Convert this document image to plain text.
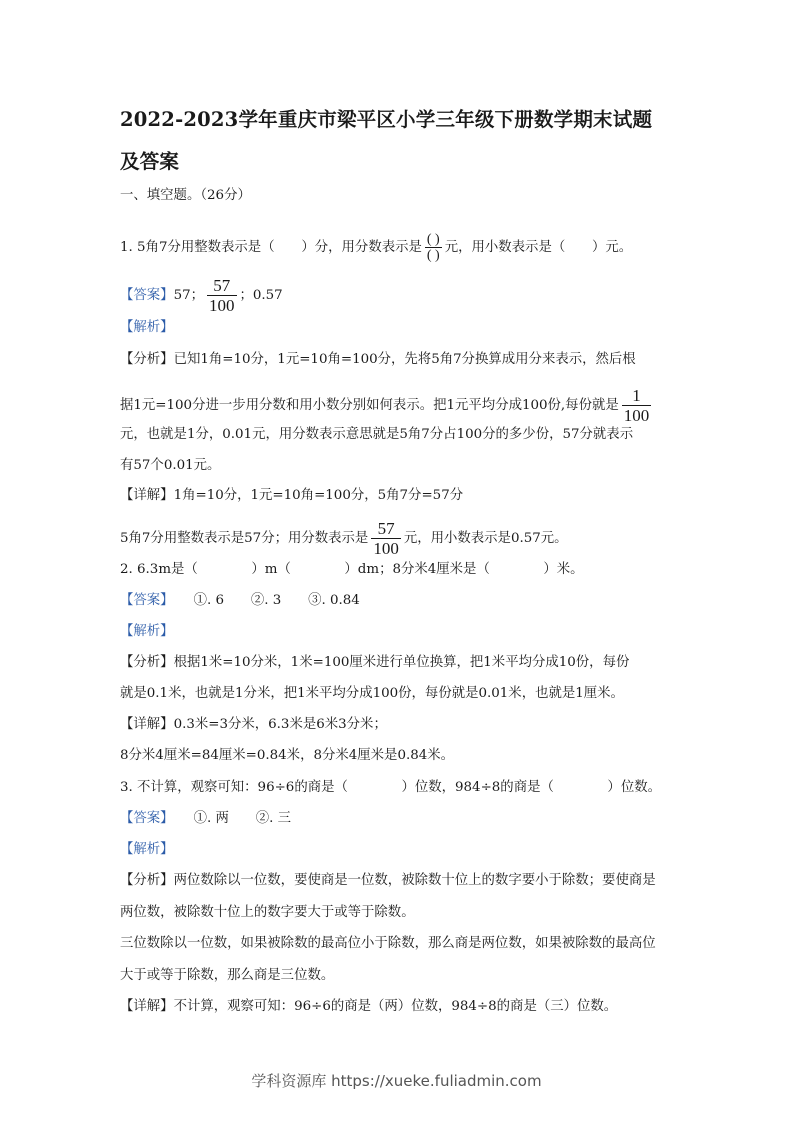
2022-2023学年重庆市梁平区小学三年级下册数学期末试题
及答案
一、填空题。（26分）
1. 5角7分用整数表示是（　　）分，用分数表示是 $\frac{( )}{( )}$ 元，用小数表示是（　　）元。
【答案】57； $\frac{57}{100}$ ；0.57
【解析】
【分析】已知1角=10分，1元=10角=100分，先将5角7分换算成用分来表示，然后根
据1元=100分进一步用分数和用小数分别如何表示。把1元平均分成100份,每份就是 $\frac{1}{100}$
元，也就是1分，0.01元，用分数表示意思就是5角7分占100分的多少份，57分就表示
有57个0.01元。
【详解】1角=10分，1元=10角=100分，5角7分=57分
5角7分用整数表示是57分；用分数表示是 $\frac{57}{100}$ 元，用小数表示是0.57元。
2. 6.3m是（　　　　）m（　　　　）dm；8分米4厘米是（　　　　）米。
【答案】　　①. 6　　②. 3　　③. 0.84
【解析】
【分析】根据1米=10分米，1米=100厘米进行单位换算，把1米平均分成10份，每份
就是0.1米，也就是1分米，把1米平均分成100份，每份就是0.01米，也就是1厘米。
【详解】0.3米=3分米，6.3米是6米3分米；
8分米4厘米=84厘米=0.84米，8分米4厘米是0.84米。
3. 不计算，观察可知：96÷6的商是（　　　　）位数，984÷8的商是（　　　　）位数。
【答案】　　①. 两　　②. 三
【解析】
【分析】两位数除以一位数，要使商是一位数，被除数十位上的数字要小于除数；要使商是
两位数，被除数十位上的数字要大于或等于除数。
三位数除以一位数，如果被除数的最高位小于除数，那么商是两位数，如果被除数的最高位
大于或等于除数，那么商是三位数。
【详解】不计算，观察可知：96÷6的商是（两）位数，984÷8的商是（三）位数。
学科资源库 https://xueke.fuliadmin.com
